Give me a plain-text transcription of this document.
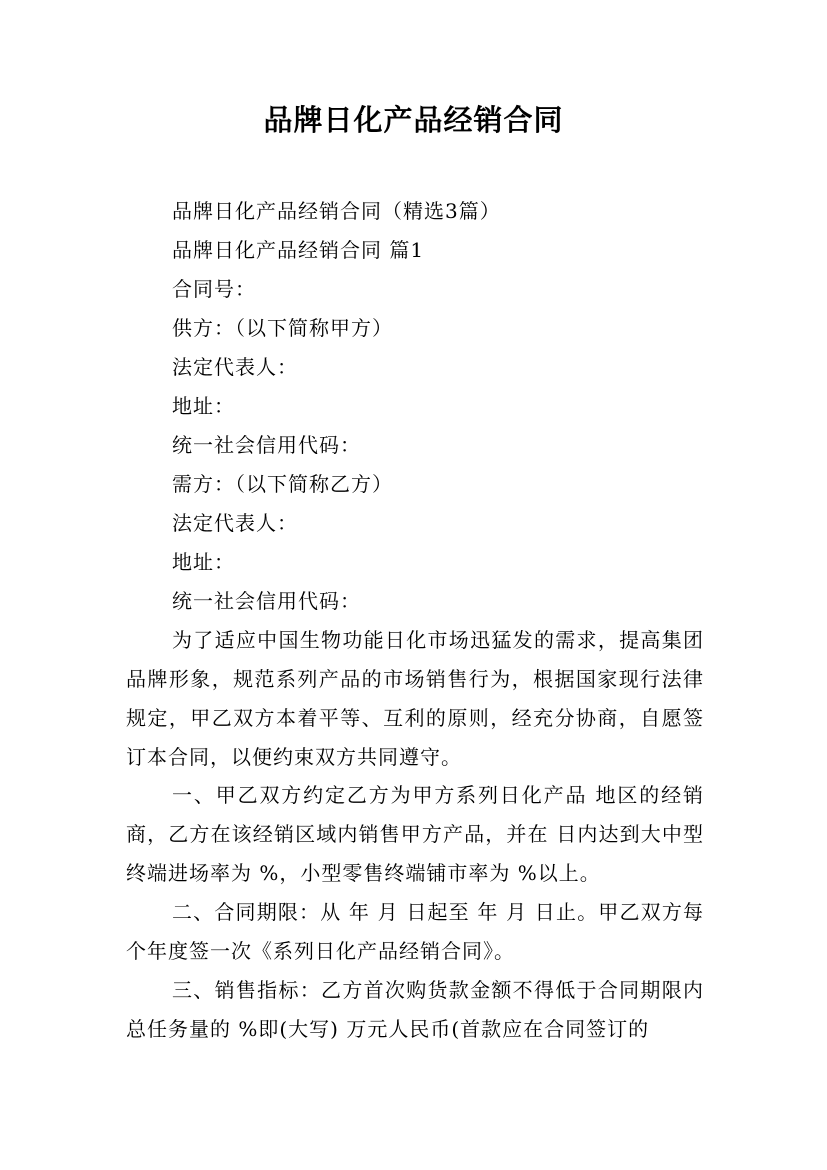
品牌日化产品经销合同
品牌日化产品经销合同（精选3篇）
品牌日化产品经销合同 篇1
合同号：
供方：（以下简称甲方）
法定代表人：
地址：
统一社会信用代码：
需方：（以下简称乙方）
法定代表人：
地址：
统一社会信用代码：
为了适应中国生物功能日化市场迅猛发的需求，提高集团品牌形象，规范系列产品的市场销售行为，根据国家现行法律规定，甲乙双方本着平等、互利的原则，经充分协商，自愿签订本合同，以便约束双方共同遵守。
一、甲乙双方约定乙方为甲方系列日化产品 地区的经销商，乙方在该经销区域内销售甲方产品，并在 日内达到大中型终端进场率为 %，小型零售终端铺市率为 %以上。
二、合同期限：从 年 月 日起至 年 月 日止。甲乙双方每个年度签一次《系列日化产品经销合同》。
三、销售指标：乙方首次购货款金额不得低于合同期限内总任务量的 %即(大写) 万元人民币(首款应在合同签订的
